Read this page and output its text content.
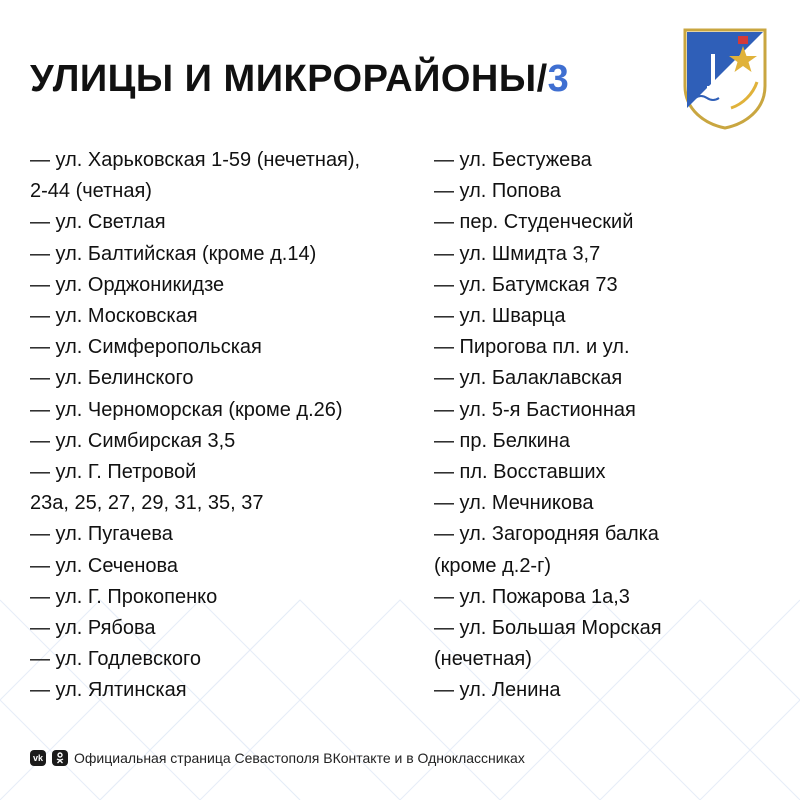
УЛИЦЫ И МИКРОРАЙОНЫ/3
— ул. Харьковская 1-59 (нечетная),
2-44 (четная)
— ул. Светлая
— ул. Балтийская (кроме д.14)
— ул. Орджоникидзе
— ул. Московская
— ул. Симферопольская
— ул. Белинского
— ул. Черноморская (кроме д.26)
— ул. Симбирская 3,5
— ул. Г. Петровой
23а, 25, 27, 29, 31, 35, 37
— ул. Пугачева
— ул. Сеченова
— ул. Г. Прокопенко
— ул. Рябова
— ул. Годлевского
— ул. Ялтинская
— ул. Бестужева
— ул. Попова
— пер. Студенческий
— ул. Шмидта 3,7
— ул. Батумская 73
— ул. Шварца
— Пирогова пл. и ул.
— ул. Балаклавская
— ул. 5-я Бастионная
— пр. Белкина
— пл. Восставших
— ул. Мечникова
— ул. Загородняя балка
(кроме д.2-г)
— ул. Пожарова 1а,3
— ул. Большая Морская
(нечетная)
— ул. Ленина
vk Официальная страница Севастополя ВКонтакте и в Одноклассниках
